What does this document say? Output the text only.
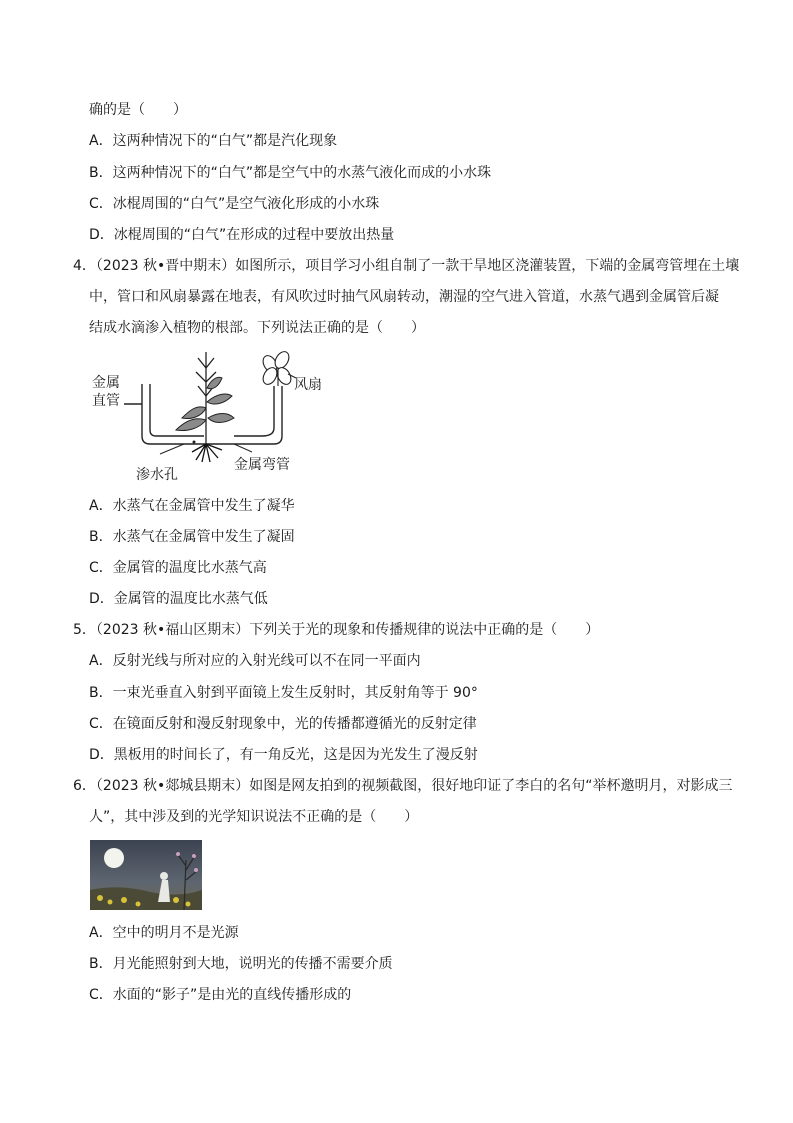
确的是（　　）
A．这两种情况下的“白气”都是汽化现象
B．这两种情况下的“白气”都是空气中的水蒸气液化而成的小水珠
C．冰棍周围的“白气”是空气液化形成的小水珠
D．冰棍周围的“白气”在形成的过程中要放出热量
4．（2023 秋•晋中期末）如图所示，项目学习小组自制了一款干旱地区浇灌装置，下端的金属弯管埋在土壤
中，管口和风扇暴露在地表，有风吹过时抽气风扇转动，潮湿的空气进入管道，水蒸气遇到金属管后凝
结成水滴渗入植物的根部。下列说法正确的是（　　）
金属
直管
风扇
渗水孔
金属弯管
A．水蒸气在金属管中发生了凝华
B．水蒸气在金属管中发生了凝固
C．金属管的温度比水蒸气高
D．金属管的温度比水蒸气低
5．（2023 秋•福山区期末）下列关于光的现象和传播规律的说法中正确的是（　　）
A．反射光线与所对应的入射光线可以不在同一平面内
B．一束光垂直入射到平面镜上发生反射时，其反射角等于 90°
C．在镜面反射和漫反射现象中，光的传播都遵循光的反射定律
D．黑板用的时间长了，有一角反光，这是因为光发生了漫反射
6．（2023 秋•郯城县期末）如图是网友拍到的视频截图，很好地印证了李白的名句“举杯邀明月，对影成三
人”，其中涉及到的光学知识说法不正确的是（　　）
A．空中的明月不是光源
B．月光能照射到大地，说明光的传播不需要介质
C．水面的“影子”是由光的直线传播形成的
